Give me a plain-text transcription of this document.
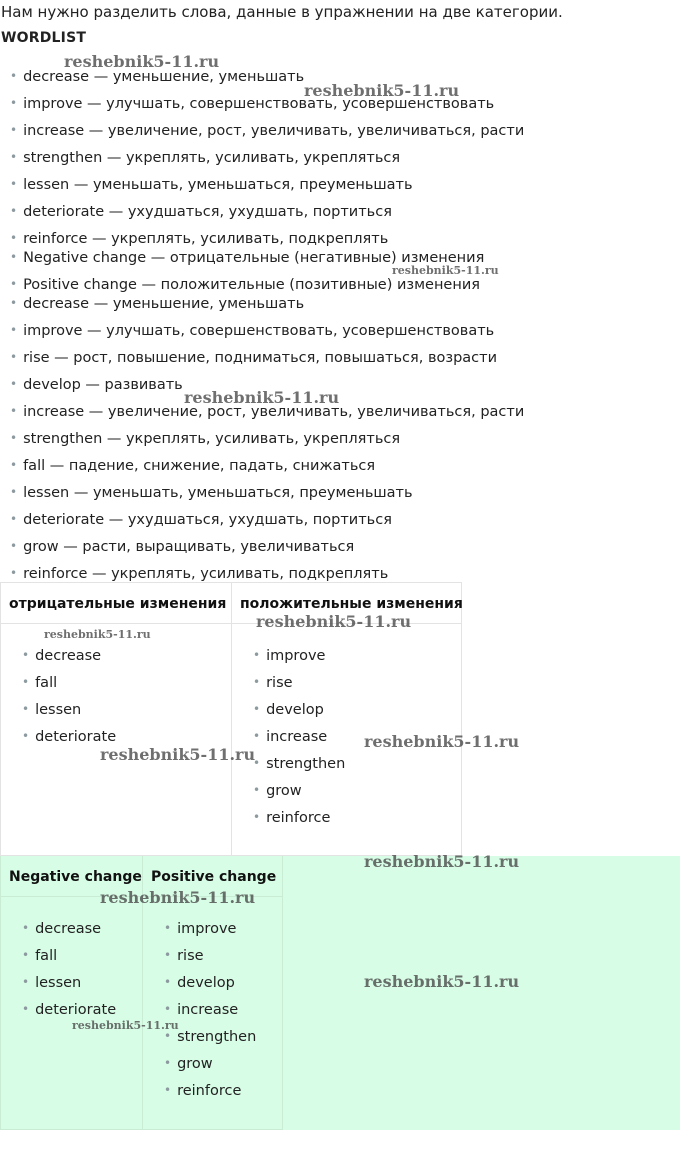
Нам нужно разделить слова, данные в упражнении на две категории.
WORDLIST
• decrease — уменьшение, уменьшать
• improve — улучшать, совершенствовать, усовершенствовать
• increase — увеличение, рост, увеличивать, увеличиваться, расти
• strengthen — укреплять, усиливать, укрепляться
• lessen — уменьшать, уменьшаться, преуменьшать
• deteriorate — ухудшаться, ухудшать, портиться
• reinforce — укреплять, усиливать, подкреплять
• Negative change — отрицательные (негативные) изменения
• Positive change — положительные (позитивные) изменения
• decrease — уменьшение, уменьшать
• improve — улучшать, совершенствовать, усовершенствовать
• rise — рост, повышение, подниматься, повышаться, возрасти
• develop — развивать
• increase — увеличение, рост, увеличивать, увеличиваться, расти
• strengthen — укреплять, усиливать, укрепляться
• fall — падение, снижение, падать, снижаться
• lessen — уменьшать, уменьшаться, преуменьшать
• deteriorate — ухудшаться, ухудшать, портиться
• grow — расти, выращивать, увеличиваться
• reinforce — укреплять, усиливать, подкреплять
отрицательные изменения
• decrease
• fall
• lessen
• deteriorate
положительные изменения
• improve
• rise
• develop
• increase
• strengthen
• grow
• reinforce
Negative change
• decrease
• fall
• lessen
• deteriorate
Positive change
• improve
• rise
• develop
• increase
• strengthen
• grow
• reinforce
reshebnik5-11.ru
reshebnik5-11.ru
reshebnik5-11.ru
reshebnik5-11.ru
reshebnik5-11.ru
reshebnik5-11.ru
reshebnik5-11.ru
reshebnik5-11.ru
reshebnik5-11.ru
reshebnik5-11.ru
reshebnik5-11.ru
reshebnik5-11.ru
